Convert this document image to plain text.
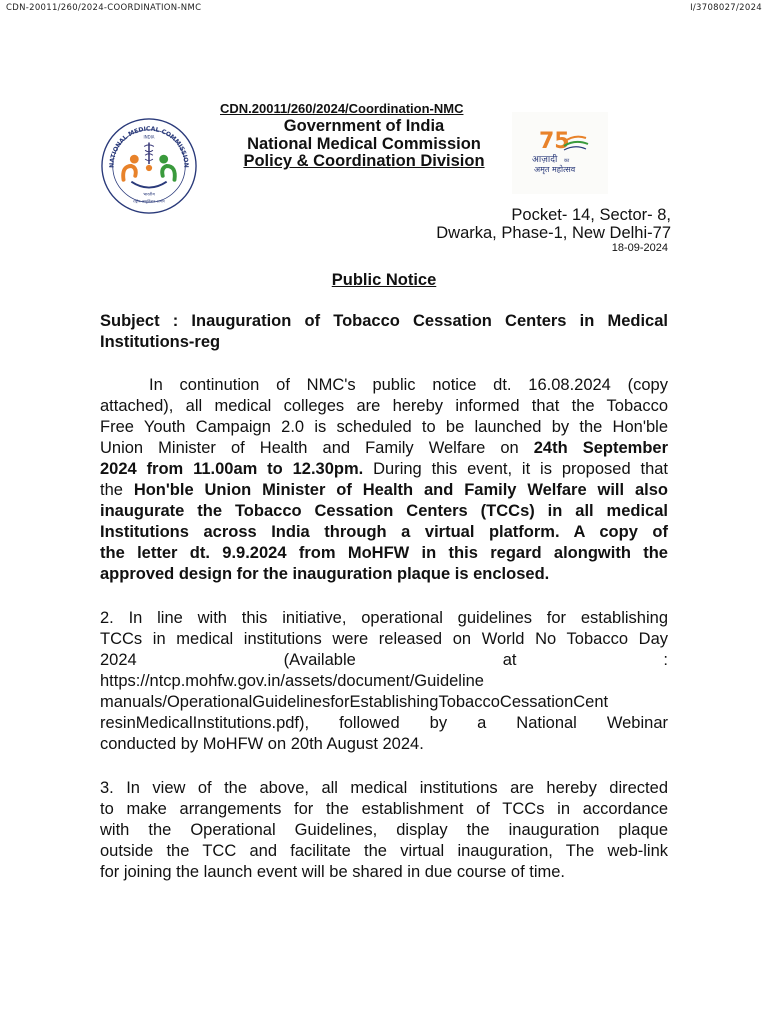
CDN-20011/260/2024-COORDINATION-NMC	I/3708027/2024
NATIONAL MEDICAL COMMISSION
INDIA
भारतीय
राष्ट्रीय आयुर्विज्ञान आयोग
75
आज़ादी का
अमृत महोत्सव
CDN.20011/260/2024/Coordination-NMC
Government of India
National Medical Commission
Policy & Coordination Division
Pocket- 14, Sector- 8,
Dwarka, Phase-1, New Delhi-77
18-09-2024
Public Notice
Subject : Inauguration of Tobacco Cessation Centers in Medical
Institutions-reg
In continution of NMC's public notice dt. 16.08.2024 (copy
attached), all medical colleges are hereby informed that the Tobacco
Free Youth Campaign 2.0 is scheduled to be launched by the Hon'ble
Union Minister of Health and Family Welfare on 24th September
2024 from 11.00am to 12.30pm. During this event, it is proposed that
the Hon'ble Union Minister of Health and Family Welfare will also
inaugurate the Tobacco Cessation Centers (TCCs) in all medical
Institutions across India through a virtual platform. A copy of
the letter dt. 9.9.2024 from MoHFW in this regard alongwith the
approved design for the inauguration plaque is enclosed.
2. In line with this initiative, operational guidelines for establishing
TCCs in medical institutions were released on World No Tobacco Day
2024 (Available at :
https://ntcp.mohfw.gov.in/assets/document/Guideline
manuals/OperationalGuidelinesforEstablishingTobaccoCessationCent
resinMedicalInstitutions.pdf), followed by a National Webinar
conducted by MoHFW on 20th August 2024.
3. In view of the above, all medical institutions are hereby directed
to make arrangements for the establishment of TCCs in accordance
with the Operational Guidelines, display the inauguration plaque
outside the TCC and facilitate the virtual inauguration, The web-link
for joining the launch event will be shared in due course of time.
